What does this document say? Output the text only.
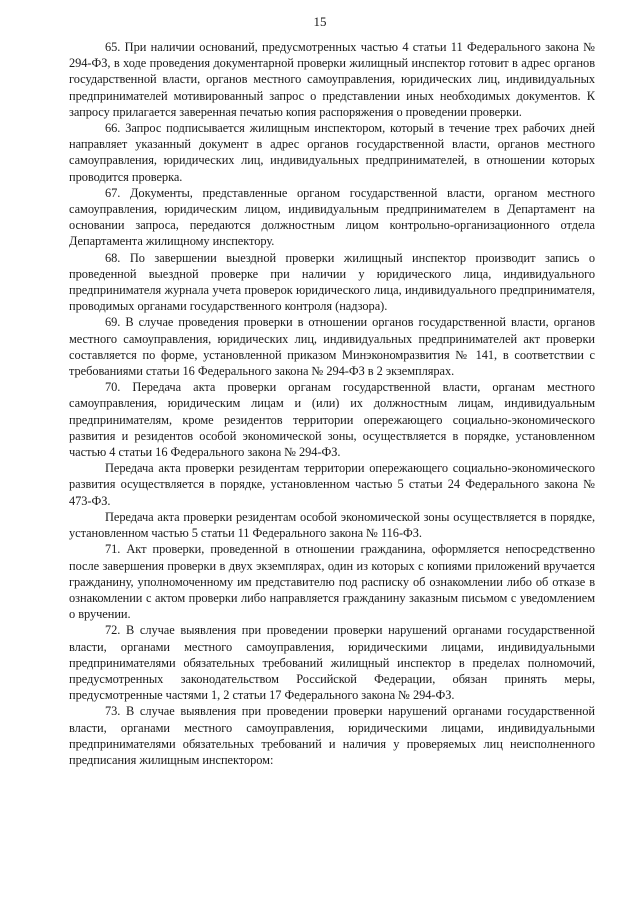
15

65. При наличии оснований, предусмотренных частью 4 статьи 11 Федерального закона № 294-ФЗ, в ходе проведения документарной проверки жилищный инспектор готовит в адрес органов государственной власти, органов местного самоуправления, юридических лиц, индивидуальных предпринимателей мотивированный запрос о представлении иных необходимых документов. К запросу прилагается заверенная печатью копия распоряжения о проведении проверки.

66. Запрос подписывается жилищным инспектором, который в течение трех рабочих дней направляет указанный документ в адрес органов государственной власти, органов местного самоуправления, юридических лиц, индивидуальных предпринимателей, в отношении которых проводится проверка.

67. Документы, представленные органом государственной власти, органом местного самоуправления, юридическим лицом, индивидуальным предпринимателем в Департамент на основании запроса, передаются должностным лицом контрольно-организационного отдела Департамента жилищному инспектору.

68. По завершении выездной проверки жилищный инспектор производит запись о проведенной выездной проверке при наличии у юридического лица, индивидуального предпринимателя журнала учета проверок юридического лица, индивидуального предпринимателя, проводимых органами государственного контроля (надзора).

69. В случае проведения проверки в отношении органов государственной власти, органов местного самоуправления, юридических лиц, индивидуальных предпринимателей акт проверки составляется по форме, установленной приказом Минэкономразвития № 141, в соответствии с требованиями статьи 16 Федерального закона № 294-ФЗ в 2 экземплярах.

70. Передача акта проверки органам государственной власти, органам местного самоуправления, юридическим лицам и (или) их должностным лицам, индивидуальным предпринимателям, кроме резидентов территории опережающего социально-экономического развития и резидентов особой экономической зоны, осуществляется в порядке, установленном частью 4 статьи 16 Федерального закона № 294-ФЗ.

Передача акта проверки резидентам территории опережающего социально-экономического развития осуществляется в порядке, установленном частью 5 статьи 24 Федерального закона № 473-ФЗ.

Передача акта проверки резидентам особой экономической зоны осуществляется в порядке, установленном частью 5 статьи 11 Федерального закона № 116-ФЗ.

71. Акт проверки, проведенной в отношении гражданина, оформляется непосредственно после завершения проверки в двух экземплярах, один из которых с копиями приложений вручается гражданину, уполномоченному им представителю под расписку об ознакомлении либо об отказе в ознакомлении с актом проверки либо направляется гражданину заказным письмом с уведомлением о вручении.

72. В случае выявления при проведении проверки нарушений органами государственной власти, органами местного самоуправления, юридическими лицами, индивидуальными предпринимателями обязательных требований жилищный инспектор в пределах полномочий, предусмотренных законодательством Российской Федерации, обязан принять меры, предусмотренные частями 1, 2 статьи 17 Федерального закона № 294-ФЗ.

73. В случае выявления при проведении проверки нарушений органами государственной власти, органами местного самоуправления, юридическими лицами, индивидуальными предпринимателями обязательных требований и наличия у проверяемых лиц неисполненного предписания жилищным инспектором:
